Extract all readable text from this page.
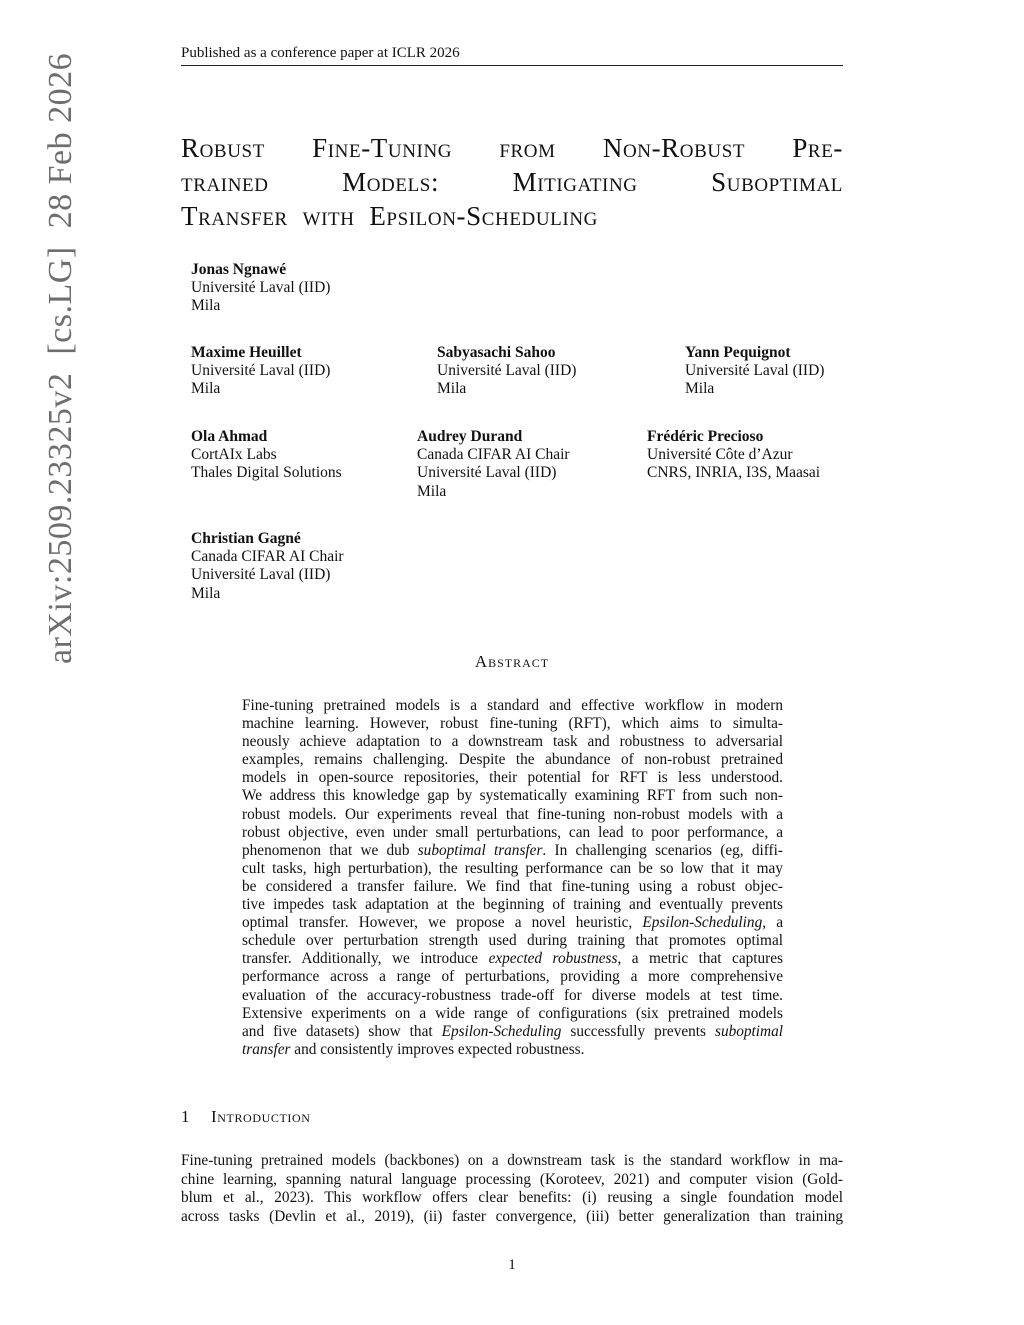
Published as a conference paper at ICLR 2026
arXiv:2509.23325v2  [cs.LG]  28 Feb 2026	Robust Fine-Tuning from Non-Robust Pre-
trained	Models:	Mitigating	Suboptimal
Transfer with Epsilon-Scheduling
Jonas Ngnawé
Université Laval (IID)
Mila
Maxime Heuillet
Université Laval (IID)
Mila
Sabyasachi Sahoo
Université Laval (IID)
Mila
Yann Pequignot
Université Laval (IID)
Mila
Ola Ahmad
CortAIx Labs
Thales Digital Solutions
Audrey Durand
Canada CIFAR AI Chair
Université Laval (IID)
Mila
Frédéric Precioso
Université Côte d’Azur
CNRS, INRIA, I3S, Maasai
Christian Gagné
Canada CIFAR AI Chair
Université Laval (IID)
Mila
Abstract
Fine-tuning pretrained models is a standard and effective workflow in modern
machine learning. However, robust fine-tuning (RFT), which aims to simulta-
neously achieve adaptation to a downstream task and robustness to adversarial
examples, remains challenging. Despite the abundance of non-robust pretrained
models in open-source repositories, their potential for RFT is less understood.
We address this knowledge gap by systematically examining RFT from such non-
robust models. Our experiments reveal that fine-tuning non-robust models with a
robust objective, even under small perturbations, can lead to poor performance, a
phenomenon that we dub suboptimal transfer. In challenging scenarios (eg, diffi-
cult tasks, high perturbation), the resulting performance can be so low that it may
be considered a transfer failure. We find that fine-tuning using a robust objec-
tive impedes task adaptation at the beginning of training and eventually prevents
optimal transfer. However, we propose a novel heuristic, Epsilon-Scheduling, a
schedule over perturbation strength used during training that promotes optimal
transfer. Additionally, we introduce expected robustness, a metric that captures
performance across a range of perturbations, providing a more comprehensive
evaluation of the accuracy-robustness trade-off for diverse models at test time.
Extensive experiments on a wide range of configurations (six pretrained models
and five datasets) show that Epsilon-Scheduling successfully prevents suboptimal
transfer and consistently improves expected robustness.
1 Introduction
Fine-tuning pretrained models (backbones) on a downstream task is the standard workflow in ma-
chine learning, spanning natural language processing (Koroteev, 2021) and computer vision (Gold-
blum et al., 2023). This workflow offers clear benefits: (i) reusing a single foundation model
across tasks (Devlin et al., 2019), (ii) faster convergence, (iii) better generalization than training
1
